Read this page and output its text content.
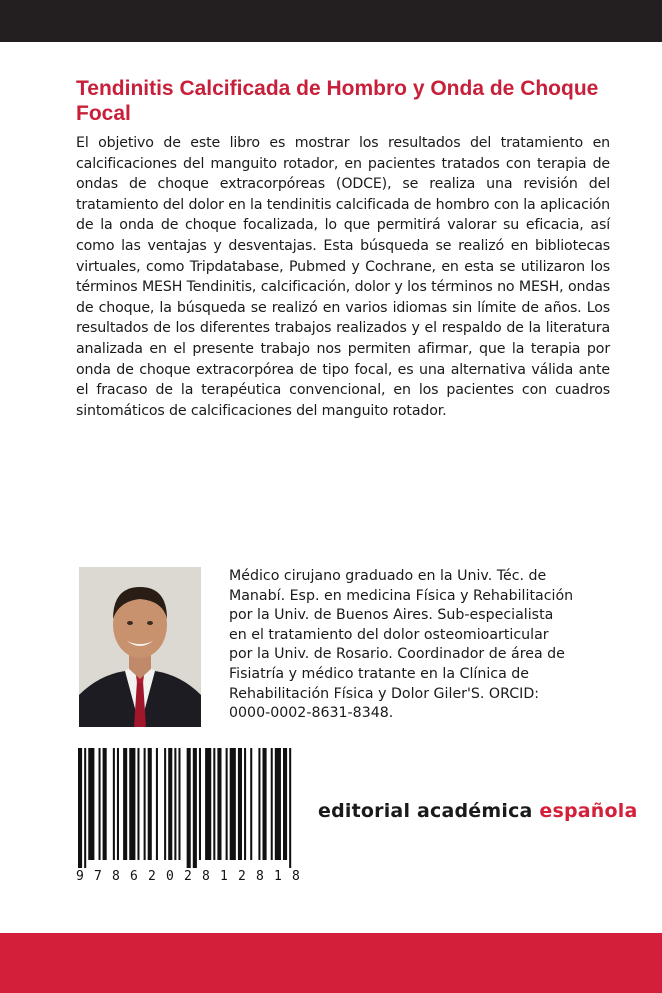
Tendinitis Calcificada de Hombro y Onda de Choque Focal

El objetivo de este libro es mostrar los resultados del tratamiento en calcificaciones del manguito rotador, en pacientes tratados con terapia de ondas de choque extracorpóreas (ODCE), se realiza una revisión del tratamiento del dolor en la tendinitis calcificada de hombro con la aplicación de la onda de choque focalizada, lo que permitirá valorar su eficacia, así como las ventajas y desventajas. Esta búsqueda se realizó en bibliotecas virtuales, como Tripdatabase, Pubmed y Cochrane, en esta se utilizaron los términos MESH Tendinitis, calcificación, dolor y los términos no MESH, ondas de choque, la búsqueda se realizó en varios idiomas sin límite de años. Los resultados de los diferentes trabajos realizados y el respaldo de la literatura analizada en el presente trabajo nos permiten afirmar, que la terapia por onda de choque extracorpórea de tipo focal, es una alternativa válida ante el fracaso de la terapéutica convencional, en los pacientes con cuadros sintomáticos de calcificaciones del manguito rotador.

Médico cirujano graduado en la Univ. Téc. de Manabí. Esp. en medicina Física y Rehabilitación por la Univ. de Buenos Aires. Sub-especialista en el tratamiento del dolor osteomioarticular por la Univ. de Rosario. Coordinador de área de Fisiatría y médico tratante en la Clínica de Rehabilitación Física y Dolor Giler'S. ORCID: 0000-0002-8631-8348.

9 7 8 6 2 0 2 8 1 2 8 1 8
editorial académica española
